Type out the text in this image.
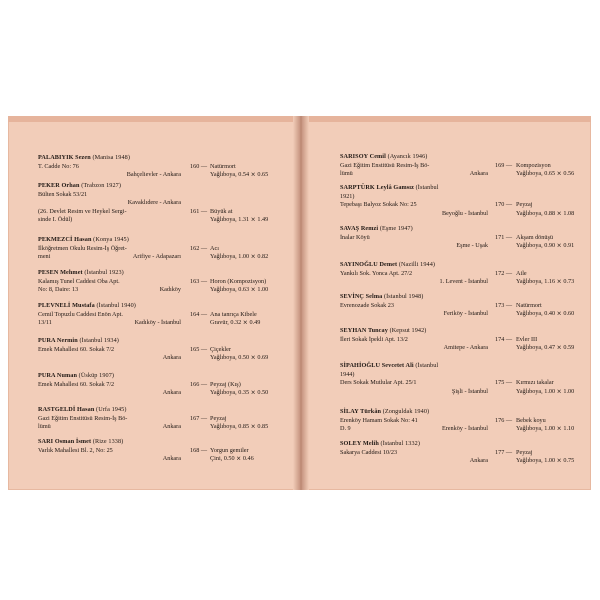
PALABIYIK Sezen (Manisa 1948)
T. Cadde No: 76	160 — Natürmort
Bahçelievler - Ankara	Yağlıboya, 0.54 ⨯ 0.65
PEKER Orhan (Trabzon 1927)
Bülten Sokak 53/21
Kavaklıdere - Ankara
(26. Devlet Resim ve Heykel Sergi-	161 — Büyük at
sinde I. Ödül)	Yağlıboya, 1.31 ⨯ 1.49
PEKMEZCİ Hasan (Konya 1945)
İlköğretmen Okulu Resim-İş Öğret-	162 — Acı
meni	Arifiye - Adapazarı	Yağlıboya, 1.00 ⨯ 0.82
PESEN Mehmet (İstanbul 1923)
Kalamış Tunel Caddesi Oba Apt.	163 — Horon (Kompozisyon)
No: 8, Daire: 13	Kadıköy	Yağlıboya, 0.63 ⨯ 1.00
PLEVNELİ Mustafa (İstanbul 1940)
Cemil Topuzlu Caddesi Enön Apt.	164 — Ana tanrıça Kibele
13/11	Kadıköy - İstanbul	Gravür, 0.32 ⨯ 0.49
PURA Nermin (İstanbul 1934)
Emek Mahallesi 60. Sokak 7/2	165 — Çiçekler
Ankara	Yağlıboya, 0.50 ⨯ 0.69
PURA Numan (Üsküp 1907)
Emek Mahallesi 60. Sokak 7/2	166 — Peyzaj (Kış)
Ankara	Yağlıboya, 0.35 ⨯ 0.50
RASTGELDİ Hasan (Urfa 1945)
Gazi Eğitim Enstitüsü Resim-İş Bö-	167 — Peyzaj
lümü	Ankara	Yağlıboya, 0.85 ⨯ 0.85
SARI Osman İsmet (Rize 1338)
Varlık Mahallesi Bl. 2, No: 25	168 — Yorgun gemiler
Ankara	Çini, 0.50 ⨯ 0.46
SARISOY Cemil (Ayancık 1946)
Gazi Eğitim Enstitüsü Resim-İş Bö-	169 — Kompozisyon
lümü	Ankara	Yağlıboya, 0.65 ⨯ 0.56
SARPTÜRK Leylâ Gamsız (İstanbul
1921)
Tepebaşı Balyoz Sokak No: 25	170 — Peyzaj
Beyoğlu - İstanbul	Yağlıboya, 0.88 ⨯ 1.08
SAVAŞ Remzi (Eşme 1947)
İnalar Köyü	171 — Akşam dönüşü
Eşme - Uşak	Yağlıboya, 0.90 ⨯ 0.91
SAYINOĞLU Demet (Nazilli 1944)
Yankılı Sok. Yonca Apt. 27/2	172 — Aile
1. Levent - İstanbul	Yağlıboya, 1.16 ⨯ 0.73
SEVİNÇ Selma (İstanbul 1948)
Evrenozade Sokak 23	173 — Natürmort
Feriköy - İstanbul	Yağlıboya, 0.40 ⨯ 0.60
SEYHAN Tuncay (Kepsut 1942)
İleri Sokak İpekli Apt. 13/2	174 — Evler III
Amitepe - Ankara	Yağlıboya, 0.47 ⨯ 0.59
SİPAHİOĞLU Sevcetet Ali (İstanbul
1944)
Ders Sokak Mutlular Apt. 25/1	175 — Kırmızı takalar
Şişli - İstanbul	Yağlıboya, 1.00 ⨯ 1.00
SİLAY Türkân (Zonguldak 1940)
Erenköy Hamam Sokak No: 41	176 — Bebek koyu
D. 9	Erenköy - İstanbul	Yağlıboya, 1.00 ⨯ 1.10
SOLEY Melih (İstanbul 1332)
Sakarya Caddesi 10/23	177 — Peyzaj
Ankara	Yağlıboya, 1.00 ⨯ 0.75
